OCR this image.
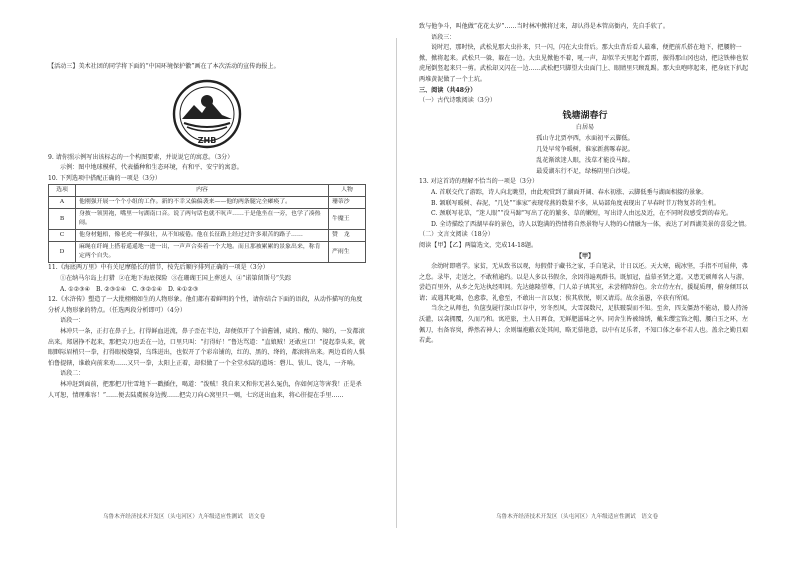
【活动三】美术社团的同学将下面的“中国环境保护徽”画在了本次活动的宣传海报上。

ZHB

9. 请你照示例写出该标志的一个构图要素，并说说它的寓意。（3分）

示例：图中地球模样，代表播种和生态环境，有和平、安宁的寓意。

10. 下列选项中搭配正确的一项是（3分）

选项	内容	人物
A	他刚强开展一个个小组的工作。新的不幸又偏偏袭来——他的两条腿完全瘫痪了。	珊蒂沙
B	身披一领黑袍，嘴里一句湖南口音。说了两句话也就不吭声……于是他坐在一旁，也学了凑热闹。	牛魔王
C	他身材魁梧，像老虎一样强壮，从不知疲倦。他在长征路上经过过许多艰苦的路子……	赞　龙
D	麻绳在纤绳上搭着遥遥地一进一出，一声声合奏着一个大地。而且那被累累的景象出来，称肯定两个自失。	严雨生

11.《海底两万里》中有关尼摩船长的情节，按先后顺序排列正确的一项是（3分）

①在纳马尔岛上打猎 ②在地下海底探险 ③在珊瑚王国上葬送人 ④“诺第留斯号”失踪

A. ①②③④ B. ②③①④ C. ③②①④ D. ④①②③

12.《水浒传》塑造了一大批栩栩如生的人物形象。他们都有着鲜明的个性，请你结合下面的语段，从动作描写的角度分析人物形象的特点。（任选两段分析即可）（4分）

语段一：

林冲只一条，正打在鼻子上，打得鲜血迸流，鼻子歪在半边，却便似开了个油酱铺，咸的、酸的、辣的，一发都滚出来。郑屠挣不起来，那把尖刀也丢在一边，口里只叫：“打得好！”鲁达骂道：“直娘贼！还敢应口！”提起拳头来，就眼眶际眉梢只一拳，打得眼棱缝裂，乌珠迸出，也似开了个彩帛铺的，红的、黑的、绛的，都滚将出来。两边看的人惧怕鲁提辖，谁敢向前来劝……又只一拳，太阳上正着，却似做了一个全堂水陆的道场：磬儿、钹儿、铙儿，一齐响。

语段二：

林冲赶到面前，把那把刀往雪地下一戳插住，喝道：“泼贼！我自来又和你无甚么冤仇，你如何这等害我！正是杀人可恕，情理难容！”……便去陆虞候身边搜……把尖刀向心窝里只一剜，七窍迸出血来，将心肝提在手里……

乌鲁木齐经济技术开发区（头屯河区）九年级适应性测试　语文卷

致与他争斗，叫他做“花花太岁”……当时林冲掀将过来，却认得是本管高衙内，先自手软了。

语段三：

说时迟，那时快，武松见那大虫扑来，只一闪，闪在大虫背后。那大虫背后看人最难，便把前爪搭在地下，把腰胯一掀，掀将起来。武松只一躲，躲在一边。大虫见掀他不着，吼一声，却似半天里起个霹雳，振得那山冈也动，把这铁棒也似虎尾倒竖起来只一剪。武松却又闪在一边……武松把只脚望大虫面门上、眼睛里只顾乱踢。那大虫咆哮起来，把身底下扒起两堆黄泥做了一个土坑。

三、阅读（共48分）

（一）古代诗歌阅读（3分）

钱塘湖春行
白居易
孤山寺北贾亭西，水面初平云脚低。
几处早莺争暖树，谁家新燕啄春泥。
乱花渐欲迷人眼，浅草才能没马蹄。
最爱湖东行不足，绿杨阴里白沙堤。

13. 对这首诗的理解不恰当的一项是（3分）

A. 首联交代了游踪，诗人向北眺望，由此观赏到了湖面开阔、春水初涨、云脚低垂与湖面相接的景象。

B. 颔联写暖树、春泥，“几处”“谁家”表现莺燕的数量不多，从局部角度表现出了早春时节万物复苏的生机。

C. 颈联写花草，“迷人眼”“没马蹄”写出了花的繁多、草的嫩短，写出诗人由远及近，在不同时段感受到的春光。

D. 全诗描绘了西湖早春的景色，诗人以饱满的热情将自然景物与人物的心情融为一体，表达了对西湖美景的喜爱之情。

（二）文言文阅读（18分）

阅读【甲】【乙】两篇选文，完成14-18题。

【甲】

余幼时即嗜学。家贫，无从致书以观，每假借于藏书之家，手自笔录，计日以还。天大寒，砚冰坚，手指不可屈伸，弗之怠。录毕，走送之，不敢稍逾约。以是人多以书假余，余因得遍观群书。既加冠，益慕圣贤之道。又患无硕师名人与游，尝趋百里外，从乡之先达执经叩问。先达德隆望尊，门人弟子填其室，未尝稍降辞色。余立侍左右，援疑质理，俯身倾耳以请；或遇其叱咄，色愈恭，礼愈至，不敢出一言以复；俟其欣悦，则又请焉。故余虽愚，卒获有所闻。

当余之从师也，负箧曳屣行深山巨谷中，穷冬烈风，大雪深数尺，足肤皲裂而不知。至舍，四支僵劲不能动，媵人持汤沃灌，以衾拥覆，久而乃和。寓逆旅，主人日再食，无鲜肥滋味之享。同舍生皆被绮绣，戴朱缨宝饰之帽，腰白玉之环，左佩刀，右备容臭，烨然若神人；余则缊袍敝衣处其间，略无慕艳意，以中有足乐者，不知口体之奉不若人也。盖余之勤且艰若此。

乌鲁木齐经济技术开发区（头屯河区）九年级适应性测试　语文卷
